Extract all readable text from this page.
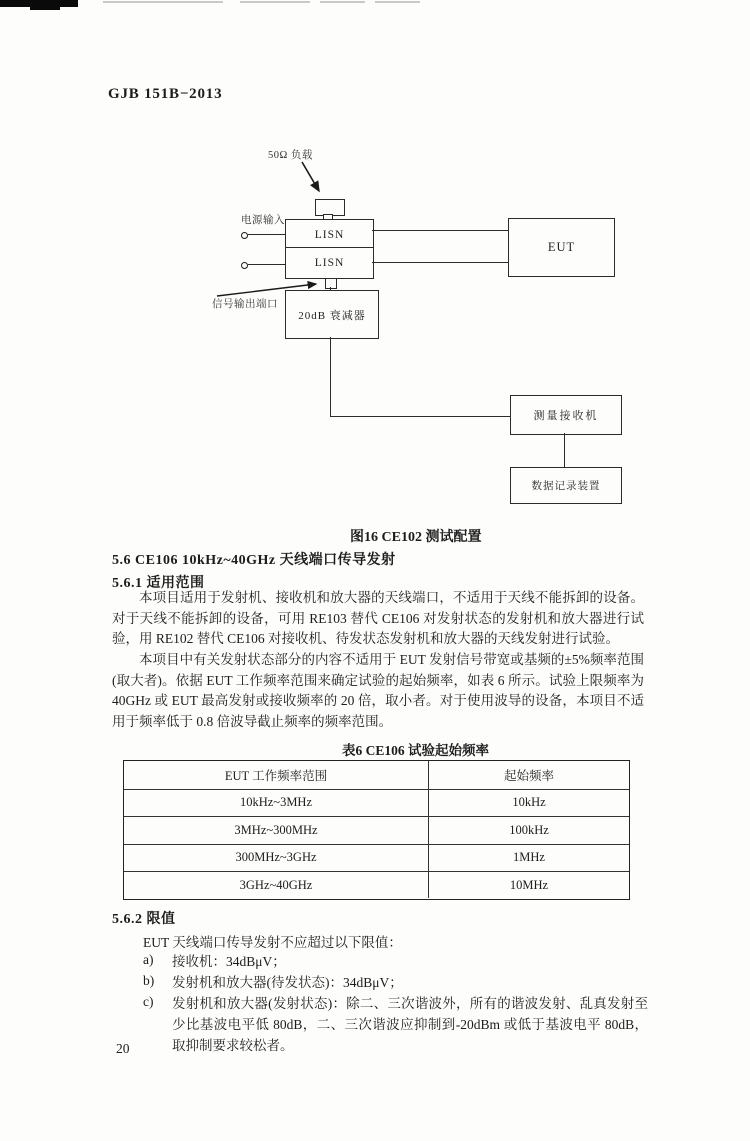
GJB 151B−2013
50Ω 负载
电源输入
LISN
LISN
EUT
信号输出端口
20dB 衰减器
测量接收机
数据记录装置
图16 CE102 测试配置
5.6 CE106 10kHz~40GHz 天线端口传导发射
5.6.1 适用范围
本项目适用于发射机、接收机和放大器的天线端口，不适用于天线不能拆卸的设备。对于天线不能拆卸的设备，可用 RE103 替代 CE106 对发射状态的发射机和放大器进行试验，用 RE102 替代 CE106 对接收机、待发状态发射机和放大器的天线发射进行试验。
本项目中有关发射状态部分的内容不适用于 EUT 发射信号带宽或基频的±5%频率范围(取大者)。依据 EUT 工作频率范围来确定试验的起始频率，如表 6 所示。试验上限频率为 40GHz 或 EUT 最高发射或接收频率的 20 倍，取小者。对于使用波导的设备，本项目不适用于频率低于 0.8 倍波导截止频率的频率范围。
表6 CE106 试验起始频率
EUT 工作频率范围	起始频率
10kHz~3MHz	10kHz
3MHz~300MHz	100kHz
300MHz~3GHz	1MHz
3GHz~40GHz	10MHz
5.6.2 限值
EUT 天线端口传导发射不应超过以下限值：
a) 接收机：34dBμV；
b) 发射机和放大器(待发状态)：34dBμV；
c) 发射机和放大器(发射状态)：除二、三次谐波外，所有的谐波发射、乱真发射至少比基波电平低 80dB，二、三次谐波应抑制到-20dBm 或低于基波电平 80dB，取抑制要求较松者。
20
